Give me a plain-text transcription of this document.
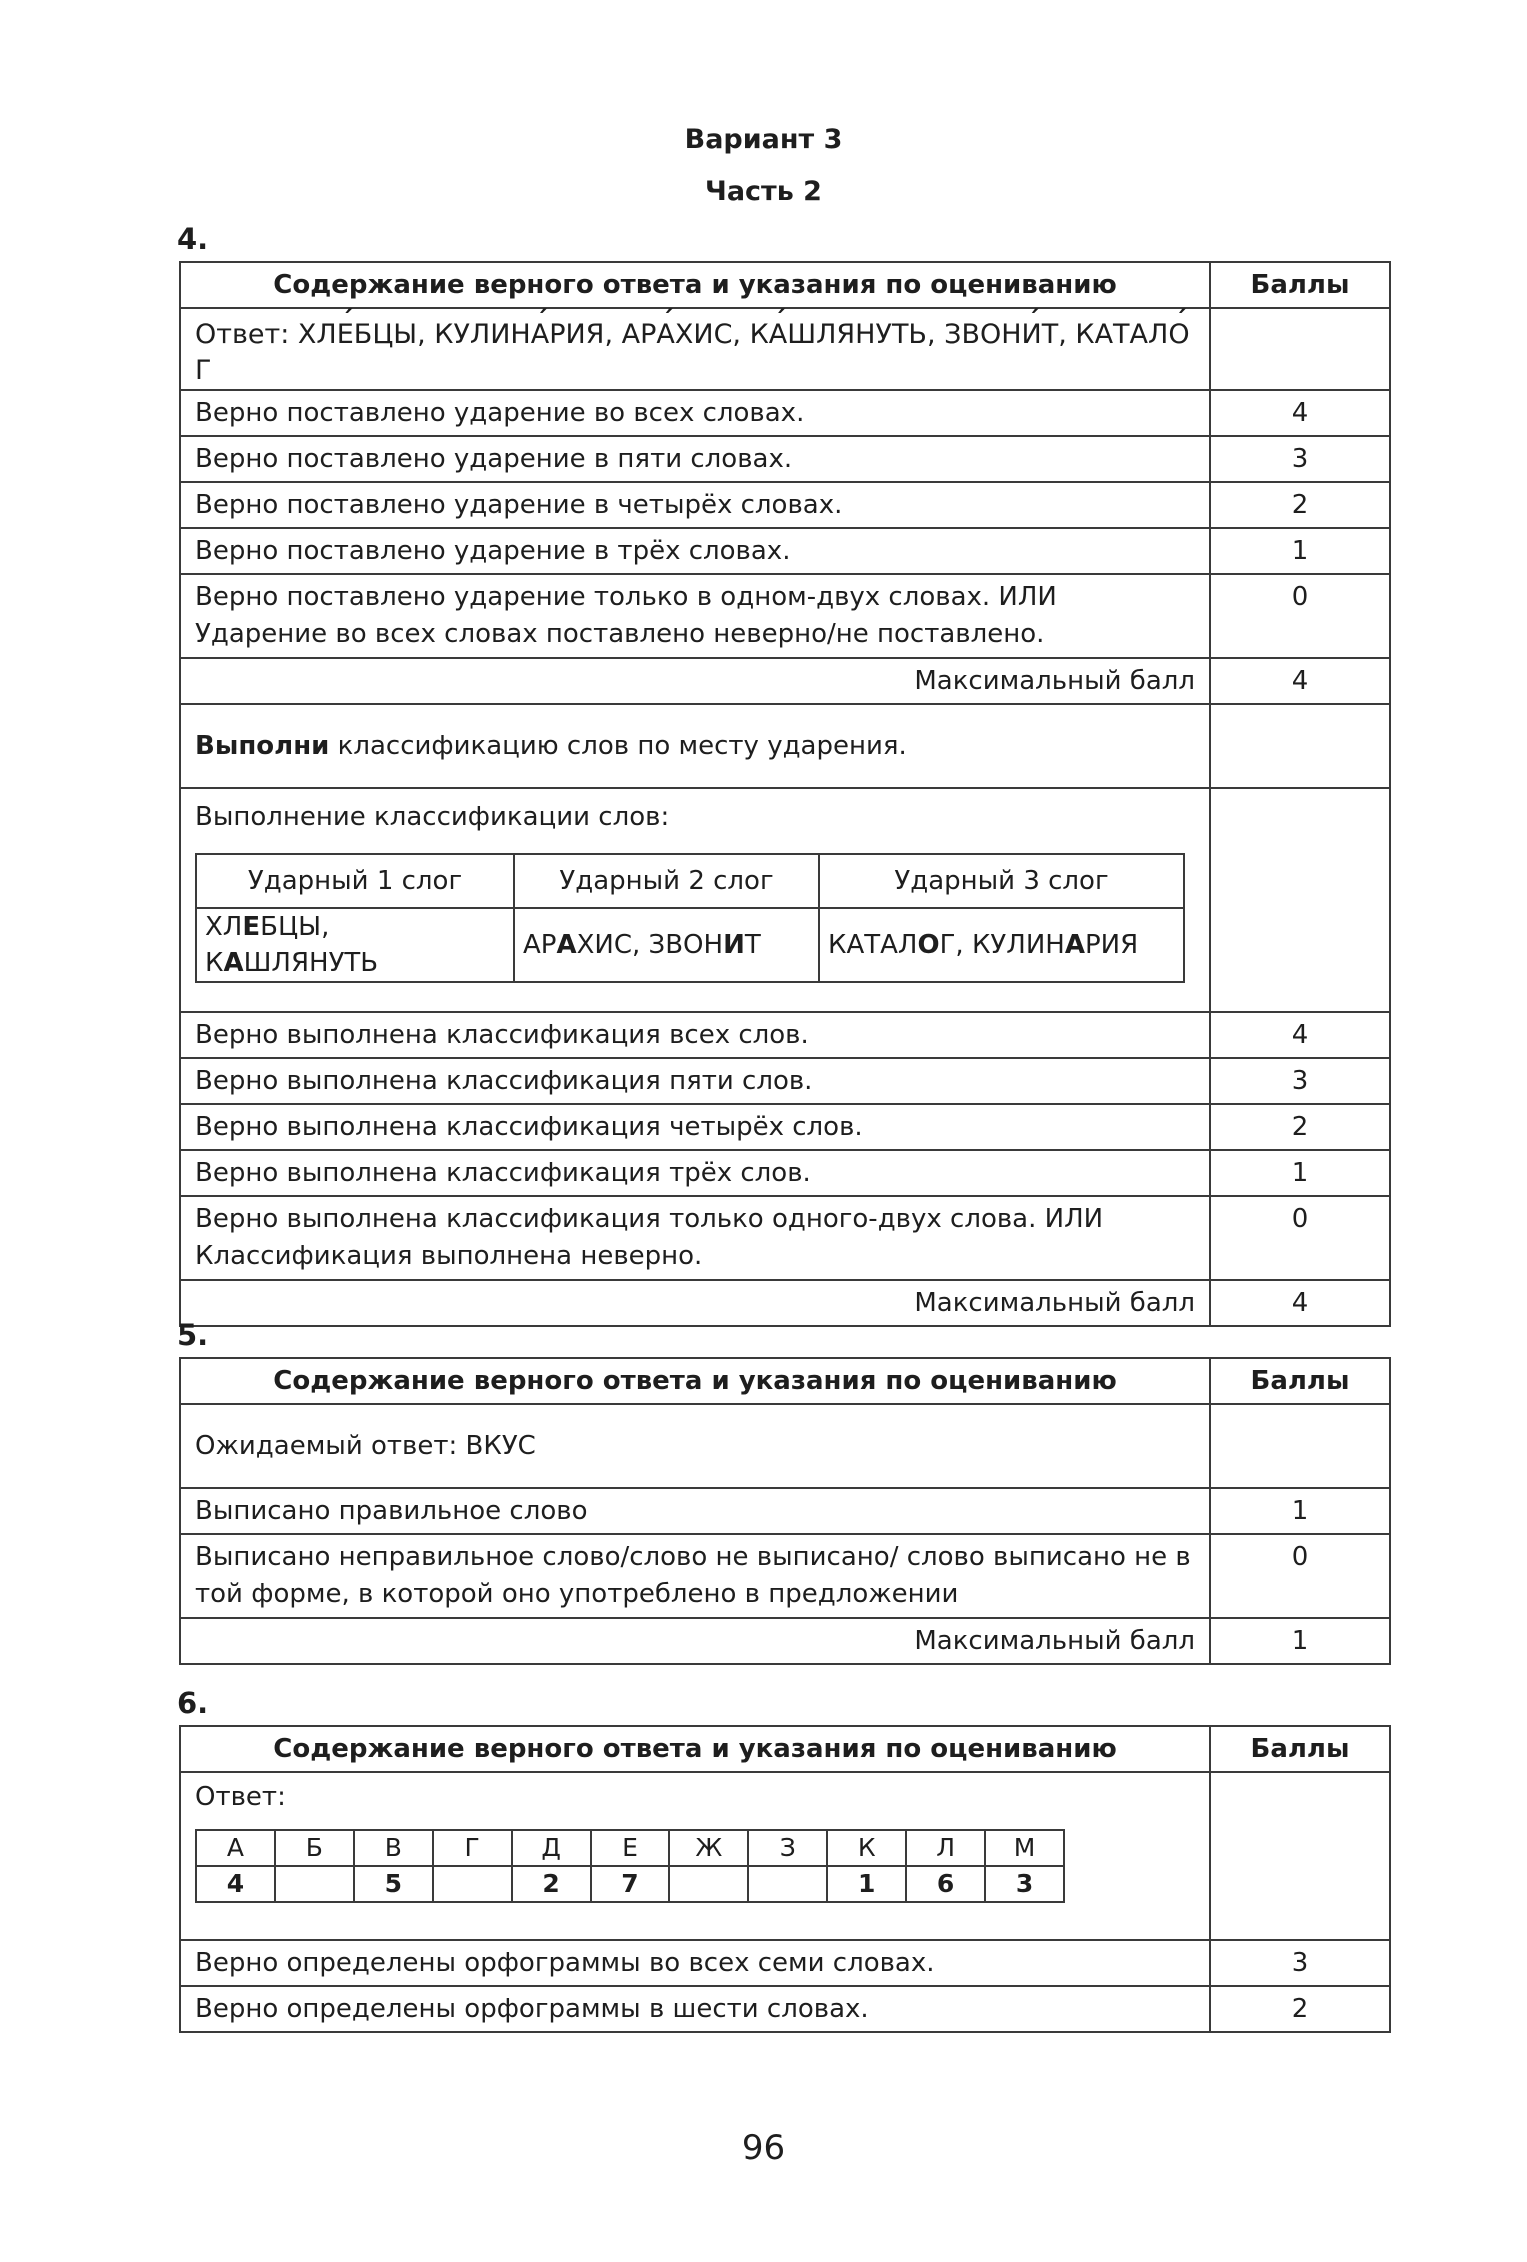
Вариант 3
Часть 2
4.
Содержание верного ответа и указания по оцениванию	Баллы
Ответ: ХЛЕ ´БЦЫ, КУЛИНА ´РИЯ, АРА ´ХИС, КА ´ШЛЯНУТЬ, ЗВОНИ ´Т, КАТАЛО ´Г	
Верно поставлено ударение во всех словах.	4
Верно поставлено ударение в пяти словах.	3
Верно поставлено ударение в четырёх словах.	2
Верно поставлено ударение в трёх словах.	1
Верно поставлено ударение только в одном-двух словах. ИЛИ Ударение во всех словах поставлено неверно/не поставлено.	0
Максимальный балл	4
Выполни классификацию слов по месту ударения.	

Выполнение классификации слов:
Ударный 1 слог	Ударный 2 слог	Ударный 3 слог
ХЛЕБЦЫ, КАШЛЯНУТЬ	АРАХИС, ЗВОНИТ	КАТАЛОГ, КУЛИНАРИЯ

Верно выполнена классификация всех слов.	4
Верно выполнена классификация пяти слов.	3
Верно выполнена классификация четырёх слов.	2
Верно выполнена классификация трёх слов.	1
Верно выполнена классификация только одного-двух слова. ИЛИ Классификация выполнена неверно.	0
Максимальный балл	4
5.
Содержание верного ответа и указания по оцениванию	Баллы
Ожидаемый ответ: ВКУС	
Выписано правильное слово	1
Выписано неправильное слово/слово не выписано/ слово выписано не в той форме, в которой оно употреблено в предложении	0
Максимальный балл	1
6.
Содержание верного ответа и указания по оцениванию	Баллы

Ответ:
А	Б	В	Г	Д	Е	Ж	З	К	Л	М
4		5		2	7			1	6	3

Верно определены орфограммы во всех семи словах.	3
Верно определены орфограммы в шести словах.	2
96
